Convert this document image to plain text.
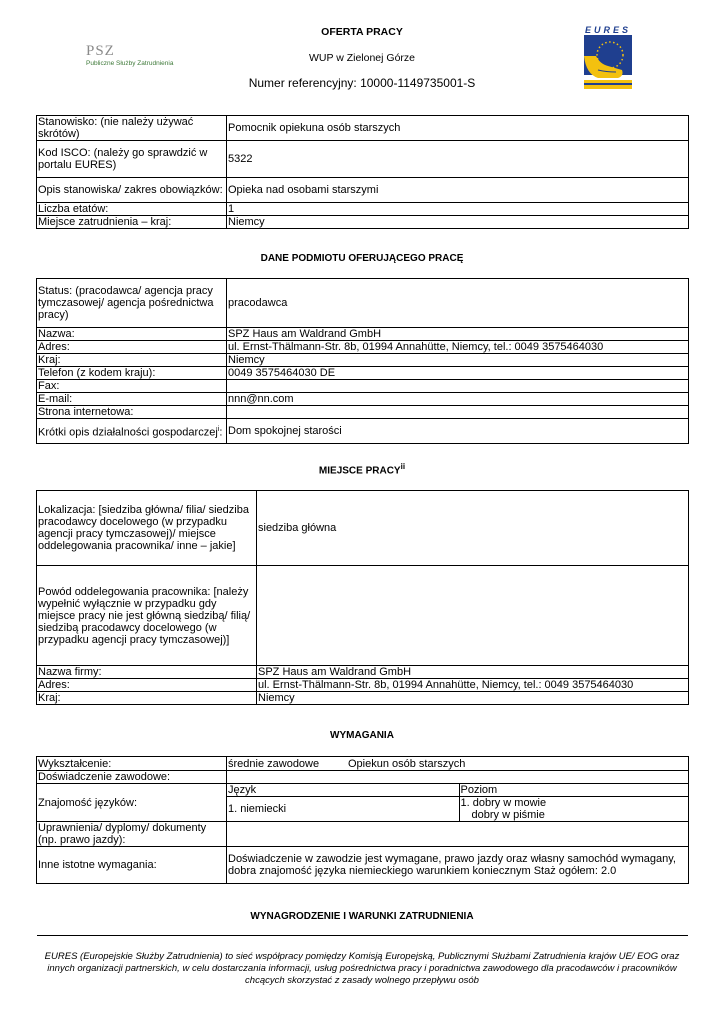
PSZ
Publiczne Służby Zatrudnienia
OFERTA PRACY
WUP w Zielonej Górze
Numer referencyjny: 10000-1149735001-S
EURES
Stanowisko: (nie należy używać skrótów)	Pomocnik opiekuna osób starszych
Kod ISCO: (należy go sprawdzić w portalu EURES)	5322
Opis stanowiska/ zakres obowiązków:	Opieka nad osobami starszymi
Liczba etatów:	1
Miejsce zatrudnienia – kraj:	Niemcy
DANE PODMIOTU OFERUJĄCEGO PRACĘ
Status: (pracodawca/ agencja pracy tymczasowej/ agencja pośrednictwa pracy)	pracodawca
Nazwa:	SPZ Haus am Waldrand GmbH
Adres:	ul. Ernst-Thälmann-Str. 8b, 01994 Annahütte, Niemcy, tel.: 0049 3575464030
Kraj:	Niemcy
Telefon (z kodem kraju):	0049 3575464030 DE
Fax:	
E-mail:	nnn@nn.com
Strona internetowa:	
Krótki opis działalności gospodarczej$^i$:	Dom spokojnej starości
MIEJSCE PRACY$^{ii}$
Lokalizacja: [siedziba główna/ filia/ siedziba pracodawcy docelowego (w przypadku agencji pracy tymczasowej)/ miejsce oddelegowania pracownika/ inne – jakie]	siedziba główna
Powód oddelegowania pracownika: [należy wypełnić wyłącznie w przypadku gdy miejsce pracy nie jest główną siedzibą/ filią/ siedzibą pracodawcy docelowego (w przypadku agencji pracy tymczasowej)]	
Nazwa firmy:	SPZ Haus am Waldrand GmbH
Adres:	ul. Ernst-Thälmann-Str. 8b, 01994 Annahütte, Niemcy, tel.: 0049 3575464030
Kraj:	Niemcy
WYMAGANIA
Wykształcenie:	średnie zawodowe	Opiekun osób starszych
Doświadczenie zawodowe:	
Znajomość języków:	
Język	Poziom
1. niemiecki	1. dobry w mowie
dobry w piśmie

Uprawnienia/ dyplomy/ dokumenty (np. prawo jazdy):	
Inne istotne wymagania:	Doświadczenie w zawodzie jest wymagane, prawo jazdy oraz własny samochód wymagany, dobra znajomość języka niemieckiego warunkiem koniecznym Staż ogółem: 2.0
WYNAGRODZENIE I WARUNKI ZATRUDNIENIA
EURES (Europejskie Służby Zatrudnienia) to sieć współpracy pomiędzy Komisją Europejską, Publicznymi Służbami Zatrudnienia krajów UE/ EOG oraz innych organizacji partnerskich, w celu dostarczania informacji, usług pośrednictwa pracy i poradnictwa zawodowego dla pracodawców i pracowników chcących skorzystać z zasady wolnego przepływu osób
